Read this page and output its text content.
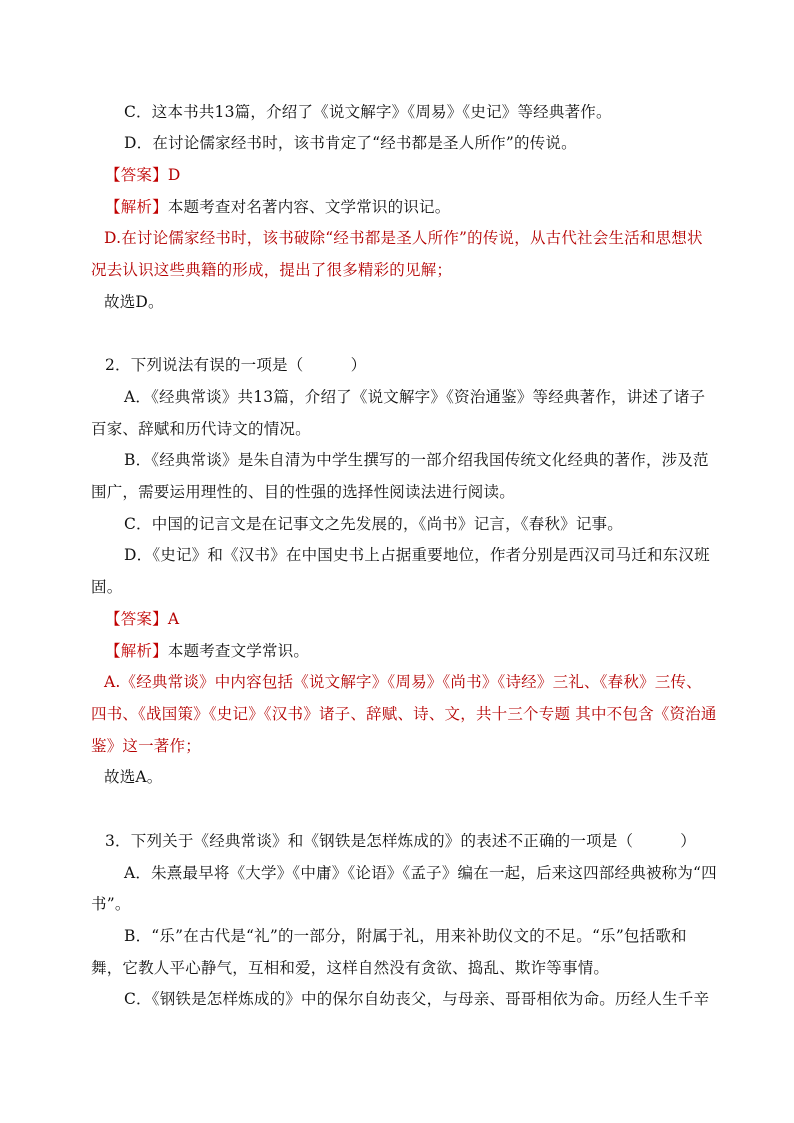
C．这本书共13篇，介绍了《说文解字》《周易》《史记》等经典著作。
D．在讨论儒家经书时，该书肯定了“经书都是圣人所作”的传说。
【答案】D
【解析】本题考查对名著内容、文学常识的识记。
D.在讨论儒家经书时，该书破除“经书都是圣人所作”的传说，从古代社会生活和思想状
况去认识这些典籍的形成，提出了很多精彩的见解；
故选D。
2．下列说法有误的一项是（　　　）
A．《经典常谈》共13篇，介绍了《说文解字》《资治通鉴》等经典著作，讲述了诸子
百家、辞赋和历代诗文的情况。
B．《经典常谈》是朱自清为中学生撰写的一部介绍我国传统文化经典的著作，涉及范
围广，需要运用理性的、目的性强的选择性阅读法进行阅读。
C．中国的记言文是在记事文之先发展的，《尚书》记言，《春秋》记事。
D．《史记》和《汉书》在中国史书上占据重要地位，作者分别是西汉司马迁和东汉班
固。
【答案】A
【解析】本题考查文学常识。
A.《经典常谈》中内容包括《说文解字》《周易》《尚书》《诗经》三礼、《春秋》三传、
四书、《战国策》《史记》《汉书》诸子、辞赋、诗、文，共十三个专题 其中不包含《资治通
鉴》这一著作；
故选A。
3．下列关于《经典常谈》和《钢铁是怎样炼成的》的表述不正确的一项是（　　　）
A．朱熹最早将《大学》《中庸》《论语》《孟子》编在一起，后来这四部经典被称为“四
书”。
B．“乐”在古代是“礼”的一部分，附属于礼，用来补助仪文的不足。“乐”包括歌和
舞，它教人平心静气，互相和爱，这样自然没有贪欲、捣乱、欺诈等事情。
C．《钢铁是怎样炼成的》中的保尔自幼丧父，与母亲、哥哥相依为命。历经人生千辛
